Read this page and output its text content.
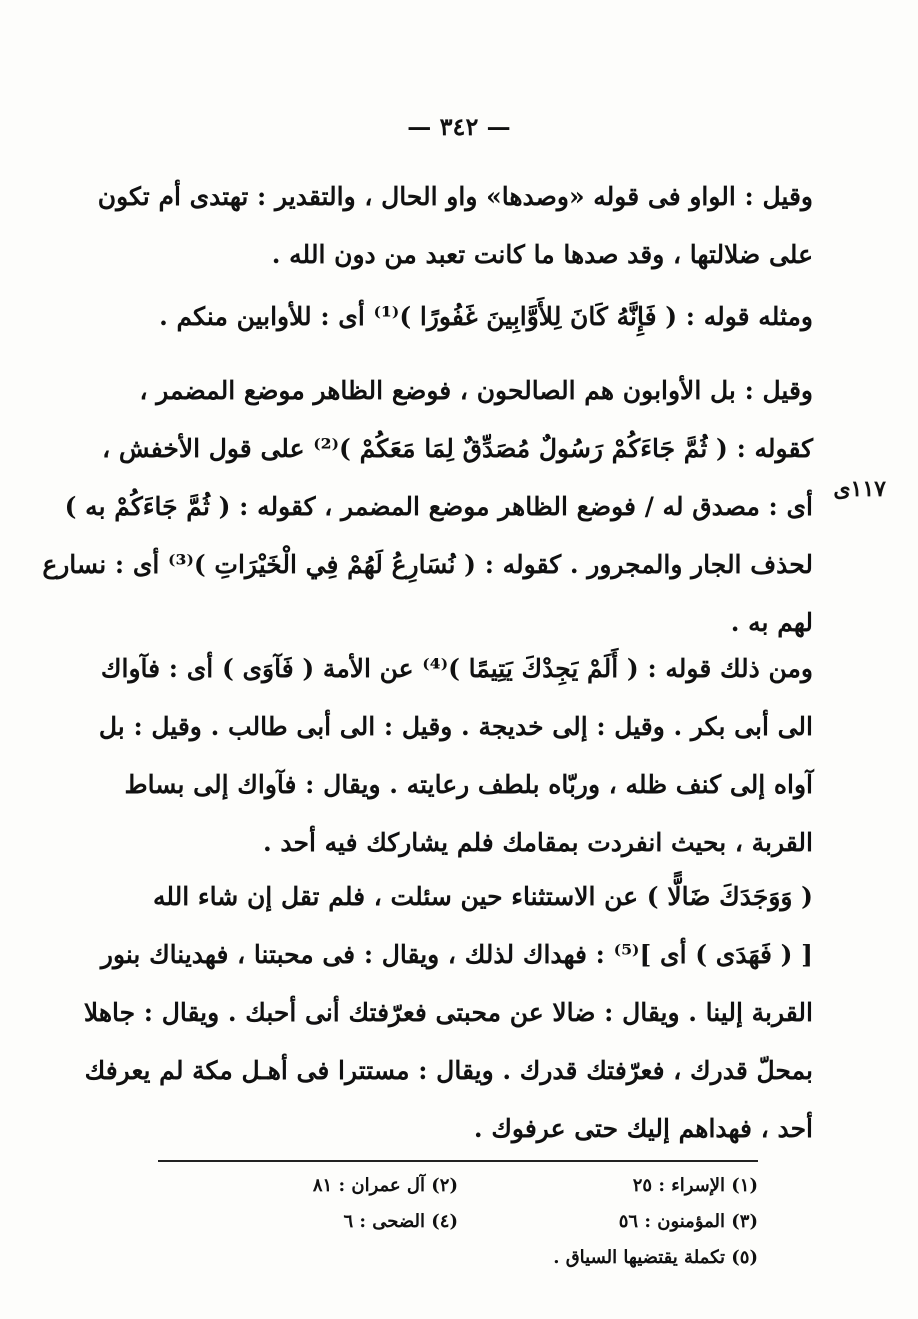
— ٣٤٢ —
وقيل : الواو فى قوله «وصدها» واو الحال ، والتقدير : تهتدى أم تكون
على ضلالتها ، وقد صدها ما كانت تعبد من دون الله .
ومثله قوله : ( فَإِنَّهُ كَانَ لِلأَوَّابِينَ غَفُورًا )⁽¹⁾ أى : للأوابين منكم .
وقيل : بل الأوابون هم الصالحون ، فوضع الظاهر موضع المضمر ،
كقوله : ( ثُمَّ جَاءَكُمْ رَسُولٌ مُصَدِّقٌ لِمَا مَعَكُمْ )⁽²⁾ على قول الأخفش ،
أى : مصدق له / فوضع الظاهر موضع المضمر ، كقوله : ( ثُمَّ جَاءَكُمْ به )
لحذف الجار والمجرور . كقوله : ( نُسَارِعُ لَهُمْ فِي الْخَيْرَاتِ )⁽³⁾ أى : نسارع
لهم به .
١١٧ى
ومن ذلك قوله : ( أَلَمْ يَجِدْكَ يَتِيمًا )⁽⁴⁾ عن الأمة ( فَآوَى ) أى : فآواك
الى أبى بكر . وقيل : إلى خديجة . وقيل : الى أبى طالب . وقيل : بل
آواه إلى كنف ظله ، وربّاه بلطف رعايته . ويقال : فآواك إلى بساط
القربة ، بحيث انفردت بمقامك فلم يشاركك فيه أحد .
( وَوَجَدَكَ ضَالًّا ) عن الاستثناء حين سئلت ، فلم تقل إن شاء الله
[ ( فَهَدَى ) أى ]⁽⁵⁾ : فهداك لذلك ، ويقال : فى محبتنا ، فهديناك بنور
القربة إلينا . ويقال : ضالا عن محبتى فعرّفتك أنى أحبك . ويقال : جاهلا
بمحلّ قدرك ، فعرّفتك قدرك . ويقال : مستترا فى أهـل مكة لم يعرفك
أحد ، فهداهم إليك حتى عرفوك .
(١) الإسراء : ٢٥
(٢) آل عمران : ٨١
(٣) المؤمنون : ٥٦
(٤) الضحى : ٦
(٥) تكملة يقتضيها السياق .
